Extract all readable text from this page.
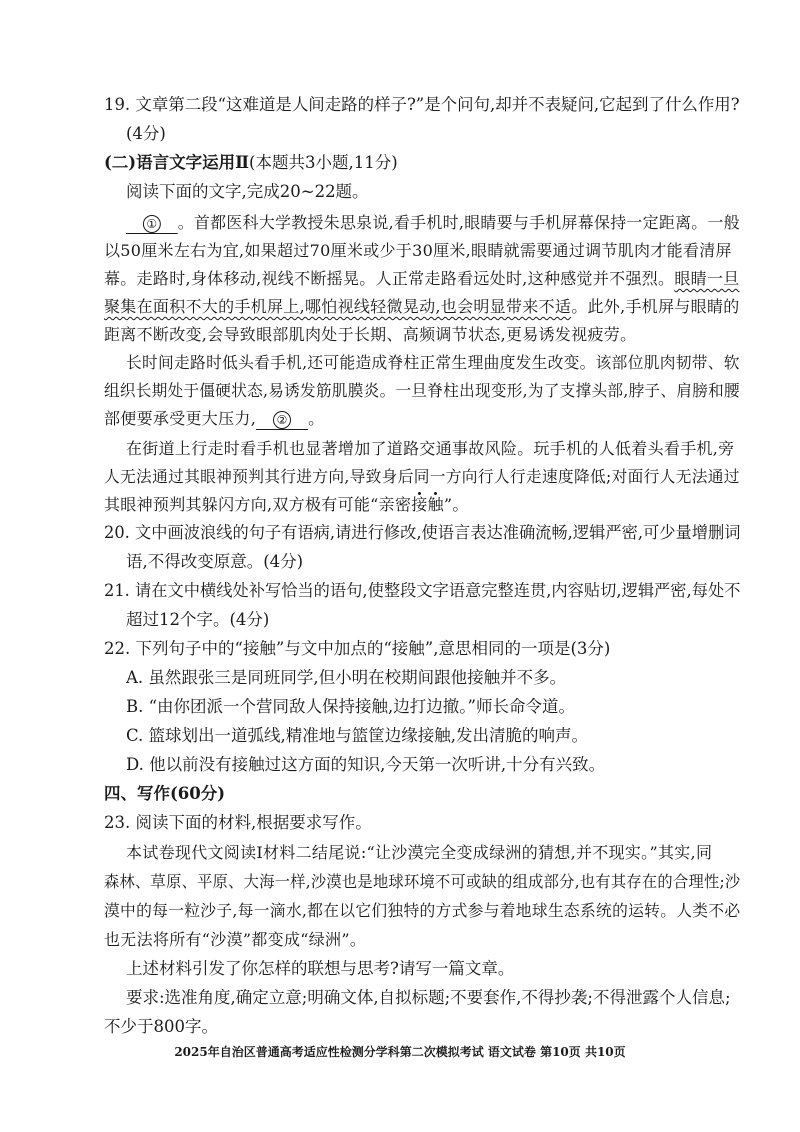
19. 文章第二段“这难道是人间走路的样子?”是个问句,却并不表疑问,它起到了什么作用?
(4分)
(二)语言文字运用Ⅱ(本题共3小题,11分)
阅读下面的文字,完成20~22题。
① 。首都医科大学教授朱思泉说,看手机时,眼睛要与手机屏幕保持一定距离。一般
以50厘米左右为宜,如果超过70厘米或少于30厘米,眼睛就需要通过调节肌肉才能看清屏
幕。走路时,身体移动,视线不断摇晃。人正常走路看远处时,这种感觉并不强烈。眼睛一旦
聚集在面积不大的手机屏上,哪怕视线轻微晃动,也会明显带来不适。此外,手机屏与眼睛的
距离不断改变,会导致眼部肌肉处于长期、高频调节状态,更易诱发视疲劳。
长时间走路时低头看手机,还可能造成脊柱正常生理曲度发生改变。该部位肌肉韧带、软
组织长期处于僵硬状态,易诱发筋肌膜炎。一旦脊柱出现变形,为了支撑头部,脖子、肩膀和腰
部便要承受更大压力, ② 。
在街道上行走时看手机也显著增加了道路交通事故风险。玩手机的人低着头看手机,旁
人无法通过其眼神预判其行进方向,导致身后同一方向行人行走速度降低;对面行人无法通过
其眼神预判其躲闪方向,双方极有可能“亲密接触”。
20. 文中画波浪线的句子有语病,请进行修改,使语言表达准确流畅,逻辑严密,可少量增删词
语,不得改变原意。(4分)
21. 请在文中横线处补写恰当的语句,使整段文字语意完整连贯,内容贴切,逻辑严密,每处不
超过12个字。(4分)
22. 下列句子中的“接触”与文中加点的“接触”,意思相同的一项是(3分)
A. 虽然跟张三是同班同学,但小明在校期间跟他接触并不多。
B. “由你团派一个营同敌人保持接触,边打边撤。”师长命令道。
C. 篮球划出一道弧线,精准地与篮筐边缘接触,发出清脆的响声。
D. 他以前没有接触过这方面的知识,今天第一次听讲,十分有兴致。
四、写作(60分)
23. 阅读下面的材料,根据要求写作。
本试卷现代文阅读Ⅰ材料二结尾说:“让沙漠完全变成绿洲的猜想,并不现实。”其实,同
森林、草原、平原、大海一样,沙漠也是地球环境不可或缺的组成部分,也有其存在的合理性;沙
漠中的每一粒沙子,每一滴水,都在以它们独特的方式参与着地球生态系统的运转。人类不必
也无法将所有“沙漠”都变成“绿洲”。
上述材料引发了你怎样的联想与思考?请写一篇文章。
要求:选准角度,确定立意;明确文体,自拟标题;不要套作,不得抄袭;不得泄露个人信息;
不少于800字。
2025年自治区普通高考适应性检测分学科第二次模拟考试 语文试卷 第10页 共10页
